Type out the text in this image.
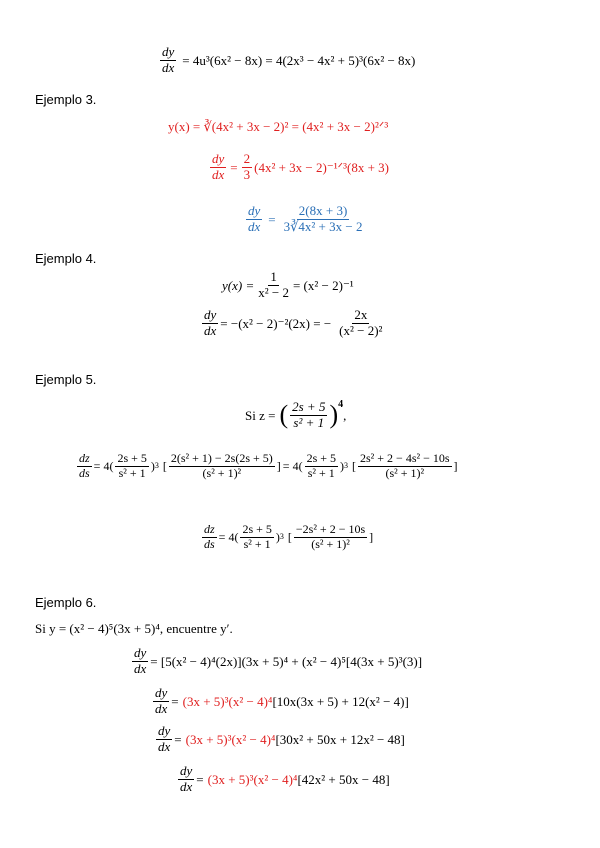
$\frac{dy}{dx} = 4u^3(6x^2 - 8x) = 4(2x^3 - 4x^2 + 5)^3(6x^2 - 8x)$
Ejemplo 3.
y(x) = ∛(4x² + 3x − 2)² = (4x² + 3x − 2)²ᐟ³
$\frac{dy}{dx} = \frac{2}{3} (4x^2 + 3x$ − 2)⁻¹ᐟ³(8x + 3)
$\frac{dy}{dx} = \frac{2(8x + 3)}{\text{3∛4x² + 3x − 2}}$
Ejemplo 4.
$y(x) = \frac{1}{\text{x² − 2}} = (x^2 - 2)^{-1}$
$\frac{dy}{dx} = -(x^2 - 2)^{-2}(2x)$ = − $\frac{2x}{\text{(x² − 2)²}}$
Ejemplo 5.
Si z = ( $\frac{2s + 5}{\text{s² + 1}}$ ) 4
,
$\frac{dz}{ds} = 4$ ( $\frac{2s + 5}{\text{s² + 1}}$ ) 3 [ $\frac{\text{2(s² + 1) − 2s(2s + 5)}}{\text{(s² + 1)²}}$ ] = 4 ( $\frac{2s + 5}{\text{s² + 1}}$ ) 3 [ $\frac{\text{2s² + 2 − 4s² − 10s}}{\text{(s² + 1)²}}$ ]
$\frac{dz}{ds} = 4$ ( $\frac{2s + 5}{\text{s² + 1}}$ ) 3 [ $\frac{\text{−2s² + 2 − 10s}}{\text{(s² + 1)²}}$ ]
Ejemplo 6.
Si y = (x² − 4)⁵(3x + 5)⁴, encuentre y′.
$\frac{dy}{dx} = [5(x^2 - 4)^4(2x)](3x + 5)^4 + (x^2 - 4)^5[4(3x + 5)^3(3)]$
$\frac{dy}{dx} = (3x + 5)^3(x^2 - 4)^4$ [10x(3x + 5) + 12(x² − 4)]
$\frac{dy}{dx} = (3x + 5)^3(x^2 - 4)^4$ [30x² + 50x + 12x² − 48]
$\frac{dy}{dx} = (3x + 5)^3(x^2 - 4)^4$ [42x² + 50x − 48]
